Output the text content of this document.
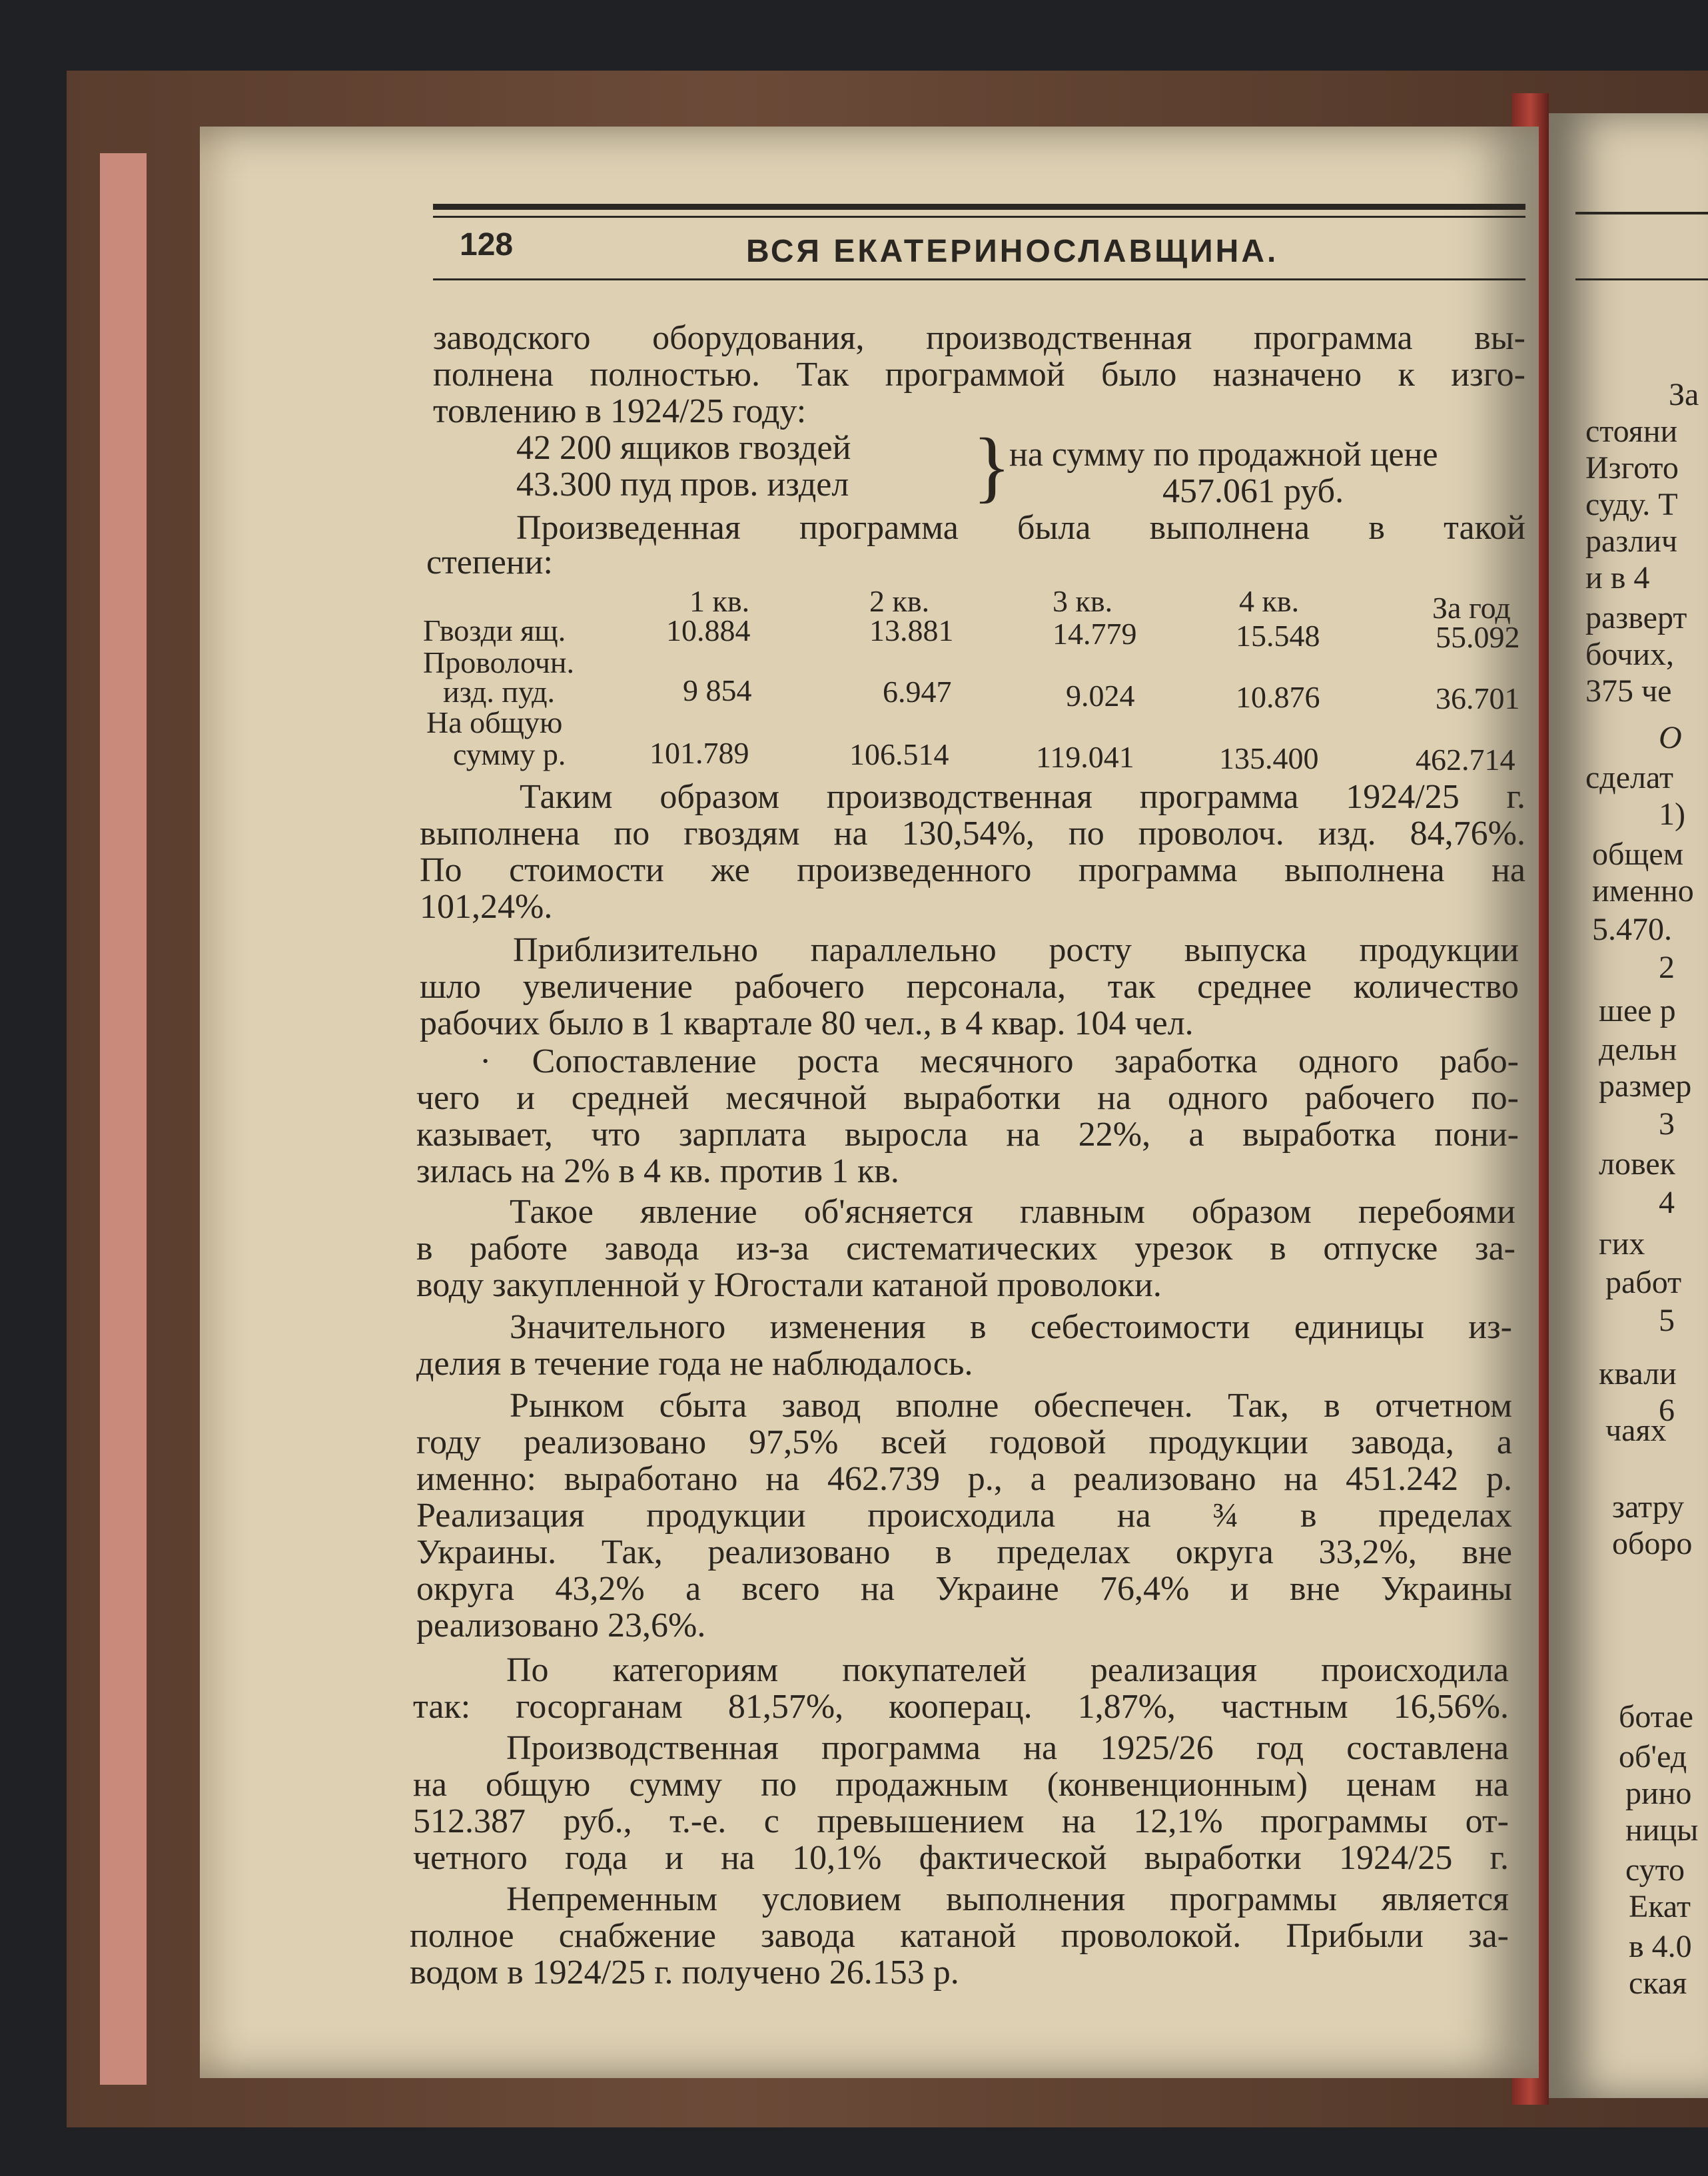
128	ВСЯ ЕКАТЕРИНОСЛАВЩИНА.
заводского оборудования, производственная программа вы-
полнена полностью. Так программой было назначено к изго-
товлению в 1924/25 году:
42 200 ящиков гвоздей
43.300 пуд пров. издел }
на сумму по продажной цене
457.061 руб.
Произведенная программа была выполнена в такой
степени:
1 кв.	2 кв.	3 кв.	4 кв.	За год
Гвозди ящ.	10.884	13.881	14.779	15.548	55.092
Проволочн.
изд. пуд.	9 854	6.947	9.024	10.876	36.701
На общую
сумму р.	101.789	106.514	119.041	135.400	462.714
Таким образом производственная программа 1924/25 г.
выполнена по гвоздям на 130,54%, по проволоч. изд. 84,76%.
По стоимости же произведенного программа выполнена на
101,24%.
Приблизительно параллельно росту выпуска продукции
шло увеличение рабочего персонала, так среднее количество
рабочих было в 1 квартале 80 чел., в 4 квар. 104 чел.
· Сопоставление роста месячного заработка одного рабо-
чего и средней месячной выработки на одного рабочего по-
казывает, что зарплата выросла на 22%, а выработка пони-
зилась на 2% в 4 кв. против 1 кв.
Такое явление об'ясняется главным образом перебоями
в работе завода из-за систематических урезок в отпуске за-
воду закупленной у Югостали катаной проволоки.
Значительного изменения в себестоимости единицы из-
делия в течение года не наблюдалось.
Рынком сбыта завод вполне обеспечен. Так, в отчетном
году реализовано 97,5% всей годовой продукции завода, а
именно: выработано на 462.739 р., а реализовано на 451.242 р.
Реализация продукции происходила на ¾ в пределах
Украины. Так, реализовано в пределах округа 33,2%, вне
округа 43,2% а всего на Украине 76,4% и вне Украины
реализовано 23,6%.
По категориям покупателей реализация происходила
так: госорганам 81,57%, кооперац. 1,87%, частным 16,56%.
Производственная программа на 1925/26 год составлена
на общую сумму по продажным (конвенционным) ценам на
512.387 руб., т.-е. с превышением на 12,1% программы от-
четного года и на 10,1% фактической выработки 1924/25 г.
Непременным условием выполнения программы является
полное снабжение завода катаной проволокой. Прибыли за-
водом в 1924/25 г. получено 26.153 р.
За
стояни
Изгото
суду. Т
различ
и в 4
разверт
бочих,
375 че
О
сделат
1)
общем
именно
5.470.
2
шее р
дельн
размер
3
ловек
4
гих
работ
5
квали
6
чаях
затру
оборо
ботае
об'ед
рино
ницы
суто
Екат
в 4.0
ская
